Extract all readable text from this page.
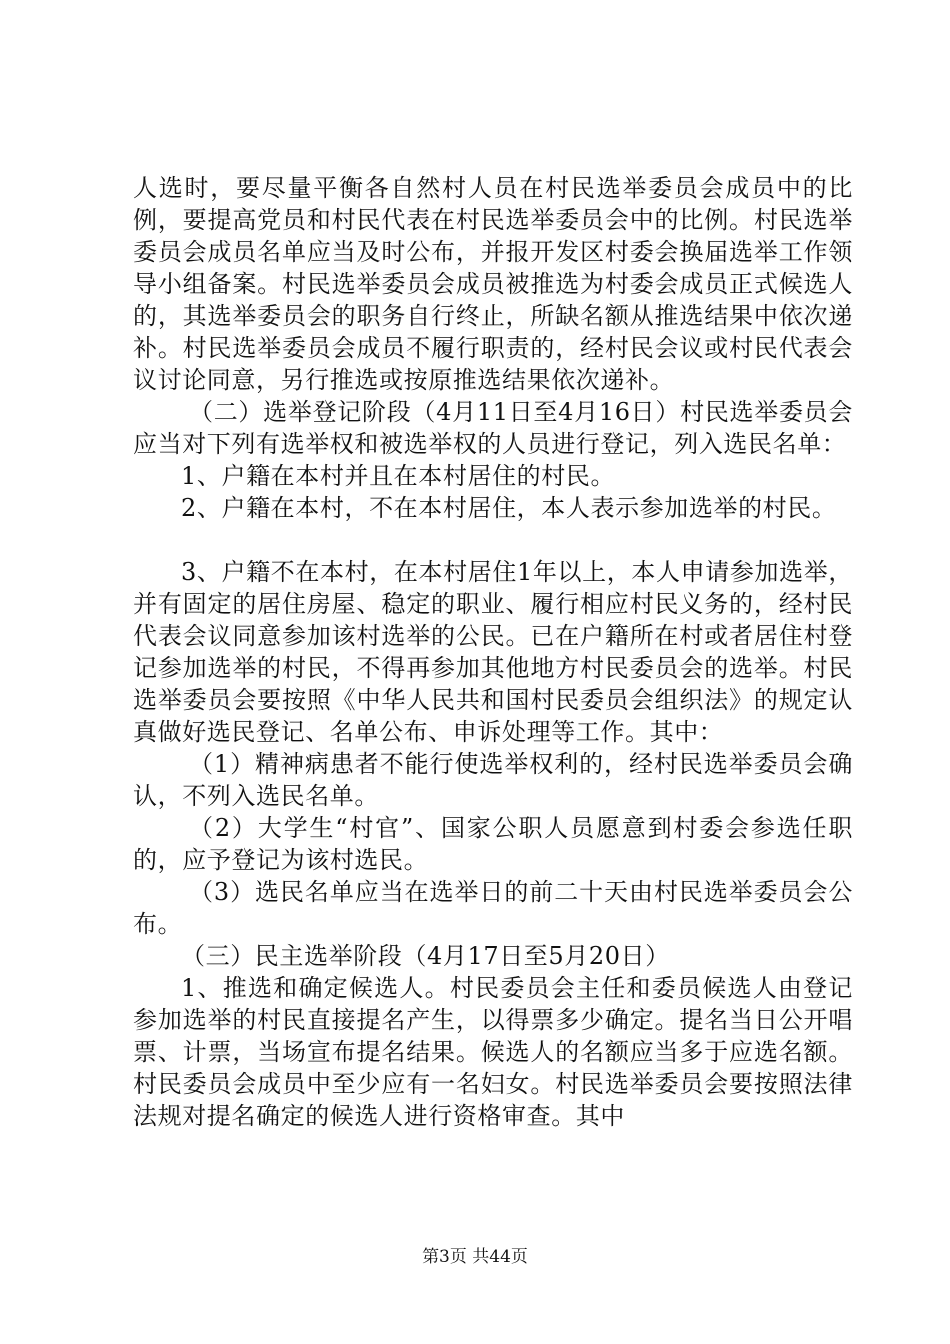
人选时，要尽量平衡各自然村人员在村民选举委员会成员中的比例，要提高党员和村民代表在村民选举委员会中的比例。村民选举委员会成员名单应当及时公布，并报开发区村委会换届选举工作领导小组备案。村民选举委员会成员被推选为村委会成员正式候选人的，其选举委员会的职务自行终止，所缺名额从推选结果中依次递补。村民选举委员会成员不履行职责的，经村民会议或村民代表会议讨论同意，另行推选或按原推选结果依次递补。

（二）选举登记阶段（4月11日至4月16日）村民选举委员会应当对下列有选举权和被选举权的人员进行登记，列入选民名单：

1、户籍在本村并且在本村居住的村民。

2、户籍在本村，不在本村居住，本人表示参加选举的村民。

3、户籍不在本村，在本村居住1年以上，本人申请参加选举，并有固定的居住房屋、稳定的职业、履行相应村民义务的，经村民代表会议同意参加该村选举的公民。已在户籍所在村或者居住村登记参加选举的村民，不得再参加其他地方村民委员会的选举。村民选举委员会要按照《中华人民共和国村民委员会组织法》的规定认真做好选民登记、名单公布、申诉处理等工作。其中：

（1）精神病患者不能行使选举权利的，经村民选举委员会确认，不列入选民名单。

（2）大学生“村官”、国家公职人员愿意到村委会参选任职的，应予登记为该村选民。

（3）选民名单应当在选举日的前二十天由村民选举委员会公布。

（三）民主选举阶段（4月17日至5月20日）

1、推选和确定候选人。村民委员会主任和委员候选人由登记参加选举的村民直接提名产生，以得票多少确定。提名当日公开唱票、计票，当场宣布提名结果。候选人的名额应当多于应选名额。村民委员会成员中至少应有一名妇女。村民选举委员会要按照法律法规对提名确定的候选人进行资格审查。其中

第3页 共44页
